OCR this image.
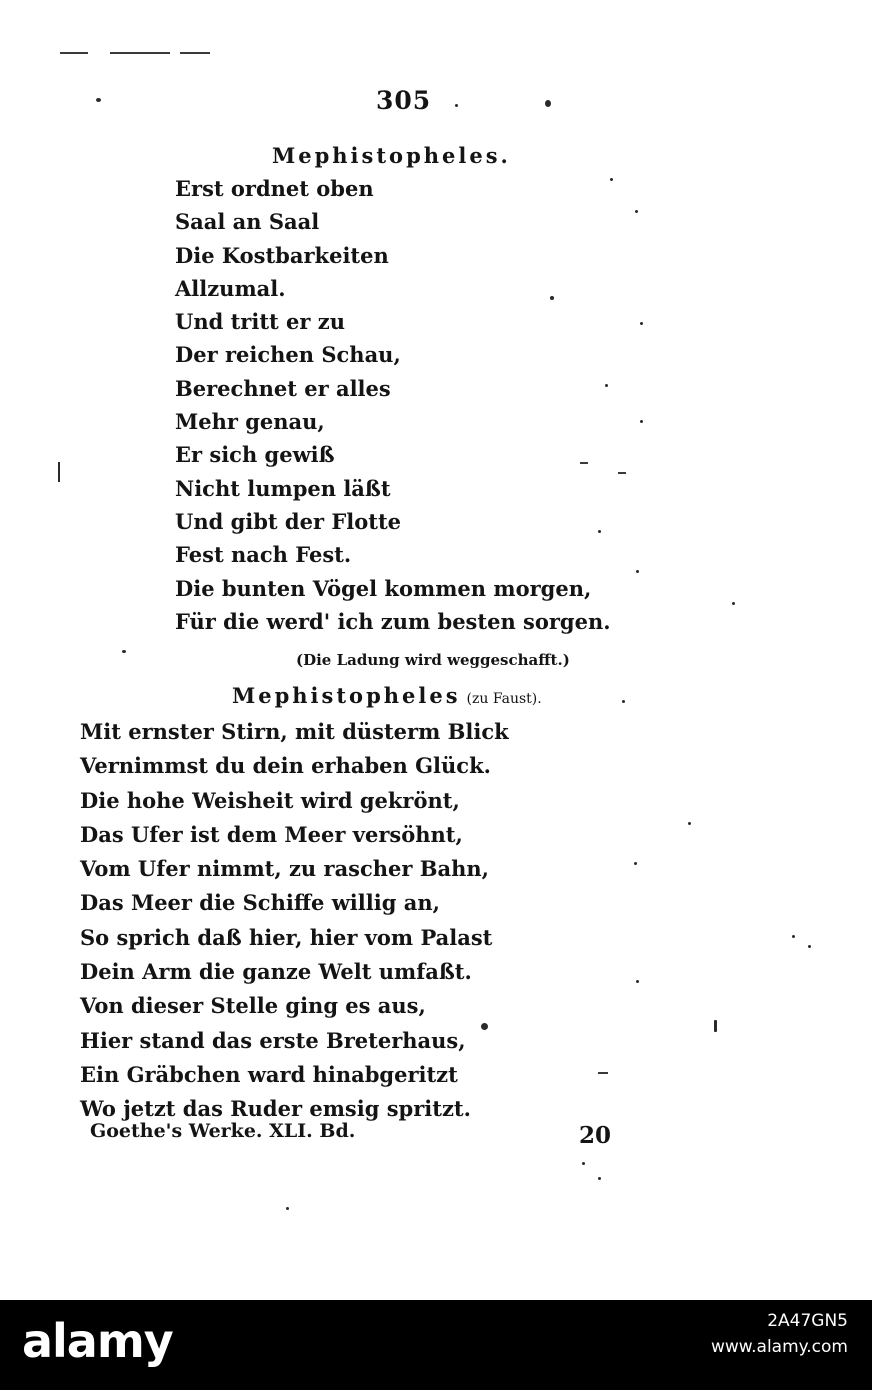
305
Mephistopheles.
Erst ordnet oben
Saal an Saal
Die Kostbarkeiten
Allzumal.
Und tritt er zu
Der reichen Schau,
Berechnet er alles
Mehr genau,
Er sich gewiß
Nicht lumpen läßt
Und gibt der Flotte
Fest nach Fest.
Die bunten Vögel kommen morgen,
Für die werd' ich zum besten sorgen.
(Die Ladung wird weggeschafft.)
Mephistopheles (zu Faust).
Mit ernster Stirn, mit düsterm Blick
Vernimmst du dein erhaben Glück.
Die hohe Weisheit wird gekrönt,
Das Ufer ist dem Meer versöhnt,
Vom Ufer nimmt, zu rascher Bahn,
Das Meer die Schiffe willig an,
So sprich daß hier, hier vom Palast
Dein Arm die ganze Welt umfaßt.
Von dieser Stelle ging es aus,
Hier stand das erste Breterhaus,
Ein Gräbchen ward hinabgeritzt
Wo jetzt das Ruder emsig spritzt.
Goethe's Werke. XLI. Bd.	20
alamy	2A47GN5
www.alamy.com
